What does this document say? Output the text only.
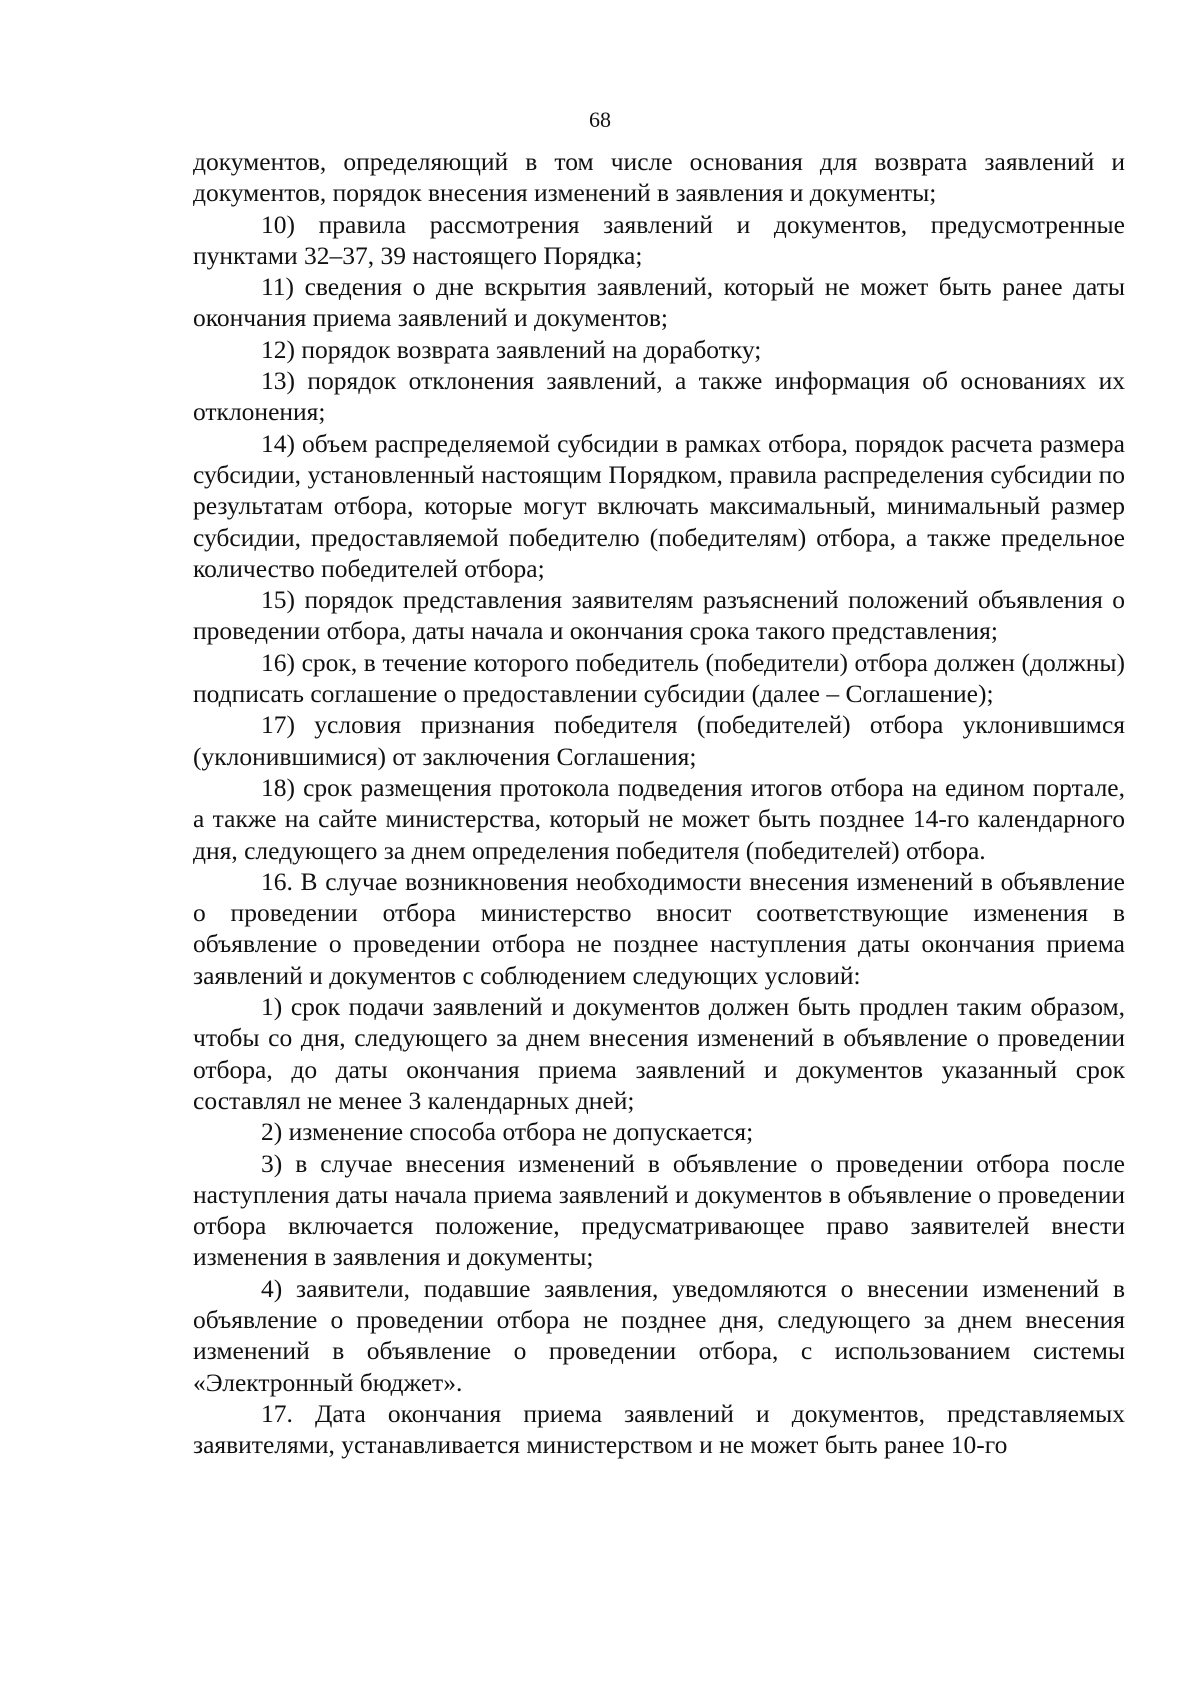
68

документов, определяющий в том числе основания для возврата заявлений и документов, порядок внесения изменений в заявления и документы;

10) правила рассмотрения заявлений и документов, предусмотренные пунктами 32–37, 39 настоящего Порядка;

11) сведения о дне вскрытия заявлений, который не может быть ранее даты окончания приема заявлений и документов;

12) порядок возврата заявлений на доработку;

13) порядок отклонения заявлений, а также информация об основаниях их отклонения;

14) объем распределяемой субсидии в рамках отбора, порядок расчета размера субсидии, установленный настоящим Порядком, правила распределения субсидии по результатам отбора, которые могут включать максимальный, минимальный размер субсидии, предоставляемой победителю (победителям) отбора, а также предельное количество победителей отбора;

15) порядок представления заявителям разъяснений положений объявления о проведении отбора, даты начала и окончания срока такого представления;

16) срок, в течение которого победитель (победители) отбора должен (должны) подписать соглашение о предоставлении субсидии (далее – Соглашение);

17) условия признания победителя (победителей) отбора уклонившимся (уклонившимися) от заключения Соглашения;

18) срок размещения протокола подведения итогов отбора на едином портале, а также на сайте министерства, который не может быть позднее 14-го календарного дня, следующего за днем определения победителя (победителей) отбора.

16. В случае возникновения необходимости внесения изменений в объявление о проведении отбора министерство вносит соответствующие изменения в объявление о проведении отбора не позднее наступления даты окончания приема заявлений и документов с соблюдением следующих условий:

1) срок подачи заявлений и документов должен быть продлен таким образом, чтобы со дня, следующего за днем внесения изменений в объявление о проведении отбора, до даты окончания приема заявлений и документов указанный срок составлял не менее 3 календарных дней;

2) изменение способа отбора не допускается;

3) в случае внесения изменений в объявление о проведении отбора после наступления даты начала приема заявлений и документов в объявление о проведении отбора включается положение, предусматривающее право заявителей внести изменения в заявления и документы;

4) заявители, подавшие заявления, уведомляются о внесении изменений в объявление о проведении отбора не позднее дня, следующего за днем внесения изменений в объявление о проведении отбора, с использованием системы «Электронный бюджет».

17. Дата окончания приема заявлений и документов, представляемых заявителями, устанавливается министерством и не может быть ранее 10-го
